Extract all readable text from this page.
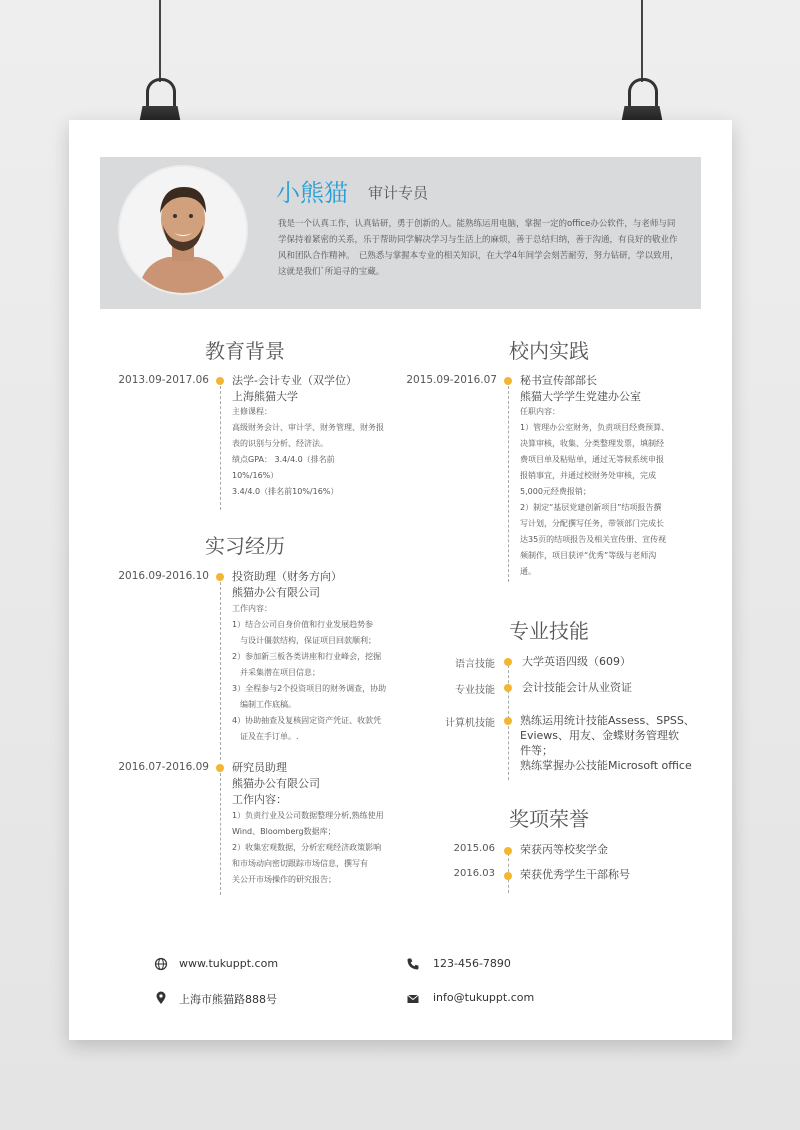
小熊猫 审计专员

我是一个认真工作，认真钻研，勇于创新的人。能熟练运用电脑，掌握一定的office办公软件，与老师与同学保持着紧密的关系，乐于帮助同学解决学习与生活上的麻烦，善于总结归纳，善于沟通，有良好的敬业作风和团队合作精神。　已熟悉与掌握本专业的相关知识，在大学4年间学会刻苦耐劳，努力钻研，学以致用，这就是我们`所追寻的宝藏。

教育背景
2013.09-2017.06 法学-会计专业（双学位）
上海熊猫大学
主修课程：
高级财务会计、审计学、财务管理、财务报
表的识别与分析、经济法。
绩点GPA： 3.4/4.0（排名前
10%/16%）
3.4/4.0（排名前10%/16%）
实习经历
2016.09-2016.10 投资助理（财务方向）
熊猫办公有限公司
工作内容：
1）结合公司自身价值和行业发展趋势参
　与设计僵款结构，保证项目回款顺利；
2）参加新三板各类讲座和行业峰会，挖掘
　并采集潜在项目信息；
3）全程参与2个投资项目的财务调查，协助
　编制工作底稿。
4）协助抽查及复核固定资产凭证、收款凭
　证及在手订单。.
2016.07-2016.09 研究员助理
熊猫办公有限公司
工作内容：
1）负责行业及公司数据整理分析,熟练使用
Wind、Bloomberg数据库；
2）收集宏观数据，分析宏观经济政策影响
和市场动向密切跟踪市场信息，撰写有
关公开市场操作的研究报告；
校内实践
2015.09-2016.07 秘书宣传部部长
熊猫大学学生党建办公室
任职内容：
1）管理办公室财务，负责项目经费预算、
决算审核，收集、分类整理发票，填制经
费项目单及粘贴单，通过无等候系统申报
报销事宜，并通过校财务处审核，完成
5,000元经费报销；
2）制定“基层党建创新项目”结项报告撰
写计划，分配撰写任务，带领部门完成长
达35页的结项报告及相关宣传册、宣传视
频制作，项目获评“优秀”等级与老师沟
通。
专业技能
语言技能 大学英语四级（609）
专业技能 会计技能会计从业资证
计算机技能 熟练运用统计技能Assess、SPSS、
Eviews、用友、金蝶财务管理软
件等；
熟练掌握办公技能Microsoft office
奖项荣誉
2015.06 荣获丙等校奖学金
2016.03 荣获优秀学生干部称号
www.tukuppt.com	123-456-7890
上海市熊猫路888号	info@tukuppt.com
